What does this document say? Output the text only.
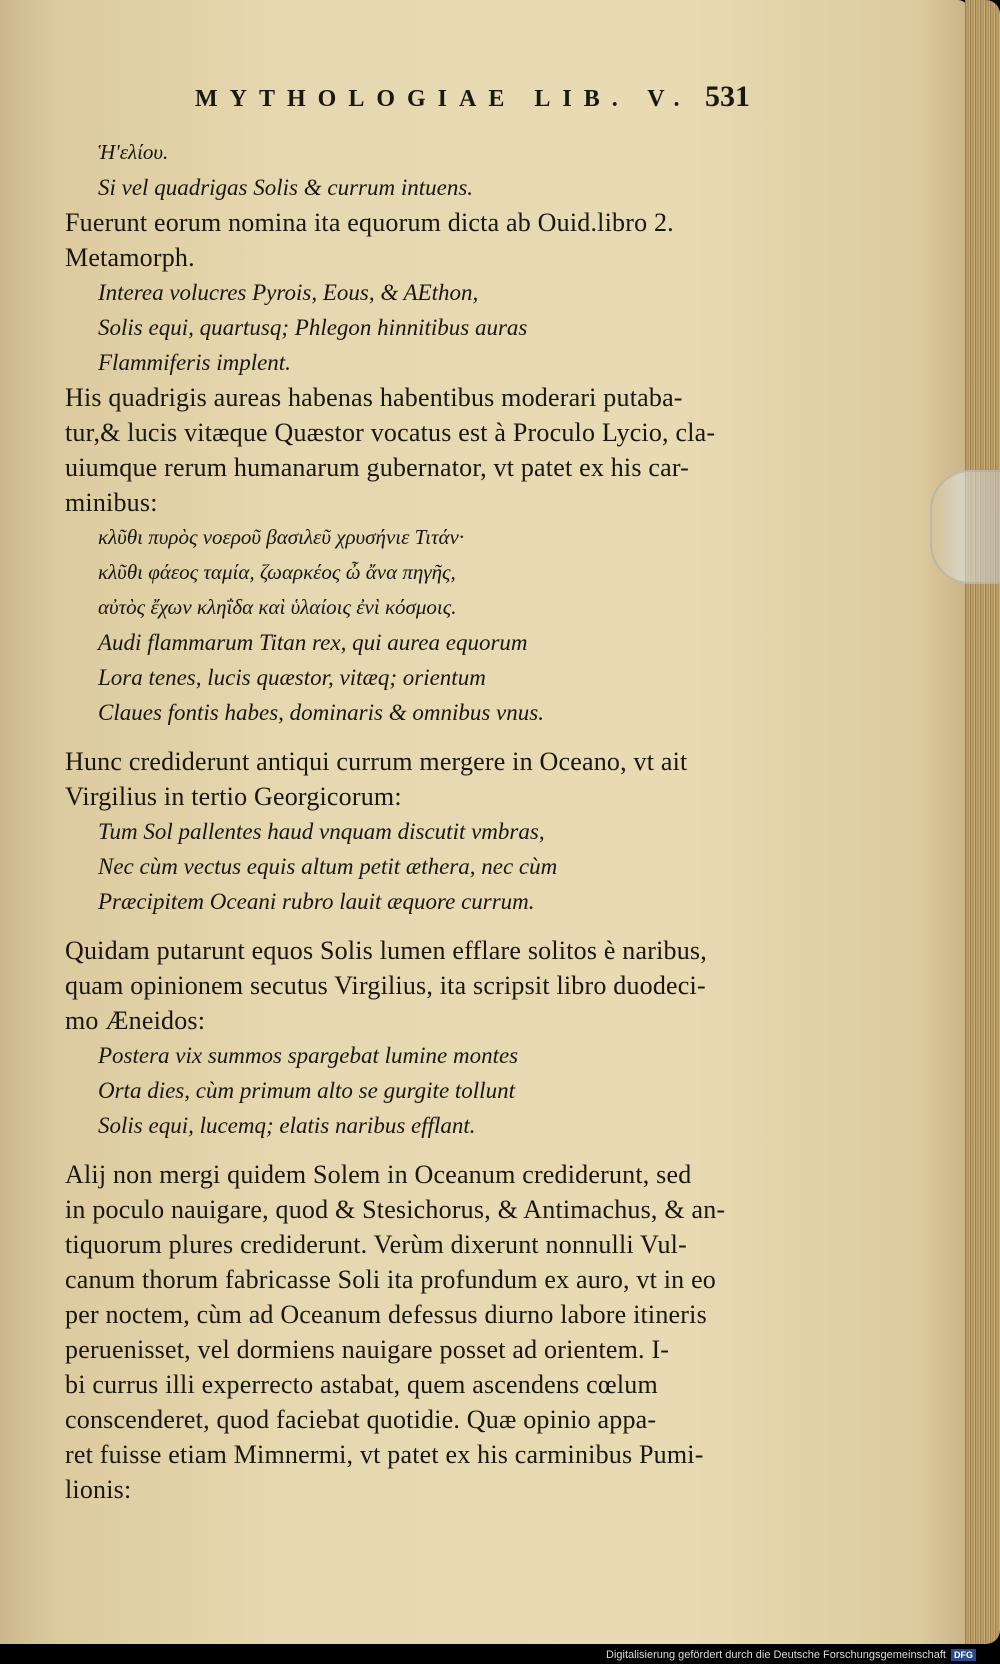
MYTHOLOGIAE LIB. V. 531
Ἡ'ελίου.
Si vel quadrigas Solis & currum intuens.
Fuerunt eorum nomina ita equorum dicta ab Ouid.libro 2.
Metamorph.
Interea volucres Pyrois, Eous, & AEthon,
Solis equi, quartusq; Phlegon hinnitibus auras
Flammiferis implent.
His quadrigis aureas habenas habentibus moderari putaba-
tur,& lucis vitæque Quæstor vocatus est à Proculo Lycio, cla-
uiumque rerum humanarum gubernator, vt patet ex his car-
minibus:
κλῦθι πυρὸς νοεροῦ βασιλεῦ χρυσήνιε Τιτάν·
κλῦθι φάεος ταμία, ζωαρκέος ὦ ἄνα πηγῆς,
αὐτὸς ἔχων κληΐδα καὶ ὑλαίοις ἐνὶ κόσμοις.
Audi flammarum Titan rex, qui aurea equorum
Lora tenes, lucis quæstor, vitæq; orientum
Claues fontis habes, dominaris & omnibus vnus.
Hunc crediderunt antiqui currum mergere in Oceano, vt ait
Virgilius in tertio Georgicorum:
Tum Sol pallentes haud vnquam discutit vmbras,
Nec cùm vectus equis altum petit æthera, nec cùm
Præcipitem Oceani rubro lauit æquore currum.
Quidam putarunt equos Solis lumen efflare solitos è naribus,
quam opinionem secutus Virgilius, ita scripsit libro duodeci-
mo Æneidos:
Postera vix summos spargebat lumine montes
Orta dies, cùm primum alto se gurgite tollunt
Solis equi, lucemq; elatis naribus efflant.
Alij non mergi quidem Solem in Oceanum crediderunt, sed
in poculo nauigare, quod & Stesichorus, & Antimachus, & an-
tiquorum plures crediderunt. Verùm dixerunt nonnulli Vul-
canum thorum fabricasse Soli ita profundum ex auro, vt in eo
per noctem, cùm ad Oceanum defessus diurno labore itineris
peruenisset, vel dormiens nauigare posset ad orientem. I-
bi currus illi experrecto astabat, quem ascendens cœlum
conscenderet, quod faciebat quotidie. Quæ opinio appa-
ret fuisse etiam Mimnermi, vt patet ex his carminibus Pumi-
lionis:
Digitalisierung gefördert durch die Deutsche Forschungsgemeinschaft DFG
